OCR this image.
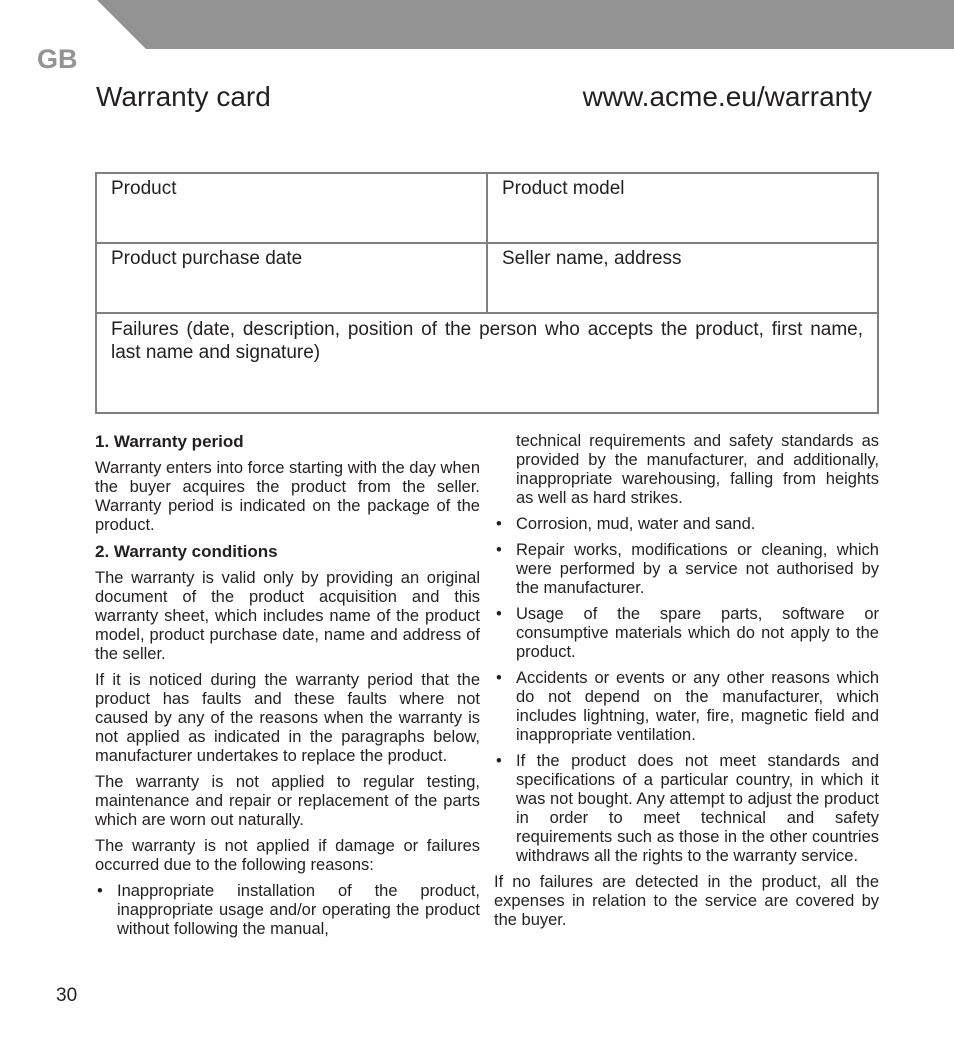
GB
Warranty card	www.acme.eu/warranty
Product	Product model
Product purchase date	Seller name, address
Failures (date, description, position of the person who accepts the product, first name, last name and signature)	
1. Warranty period

Warranty enters into force starting with the day when the buyer acquires the product from the seller. Warranty period is indicated on the package of the product.

2. Warranty conditions

The warranty is valid only by providing an original document of the product acquisition and this warranty sheet, which includes name of the product model, product purchase date, name and address of the seller.

If it is noticed during the warranty period that the product has faults and these faults where not caused by any of the reasons when the warranty is not applied as indicated in the paragraphs below, manufacturer undertakes to replace the product.

The warranty is not applied to regular testing, maintenance and repair or replacement of the parts which are worn out naturally.

The warranty is not applied if damage or failures occurred due to the following reasons:

• Inappropriate installation of the product, inappropriate usage and/or operating the product without following the manual,
technical requirements and safety standards as provided by the manufacturer, and additionally, inappropriate warehousing, falling from heights as well as hard strikes.
• Corrosion, mud, water and sand.
• Repair works, modifications or cleaning, which were performed by a service not authorised by the manufacturer.
• Usage of the spare parts, software or consumptive materials which do not apply to the product.
• Accidents or events or any other reasons which do not depend on the manufacturer, which includes lightning, water, fire, magnetic field and inappropriate ventilation.
• If the product does not meet standards and specifications of a particular country, in which it was not bought. Any attempt to adjust the product in order to meet technical and safety requirements such as those in the other countries withdraws all the rights to the warranty service.

If no failures are detected in the product, all the expenses in relation to the service are covered by the buyer.

30
